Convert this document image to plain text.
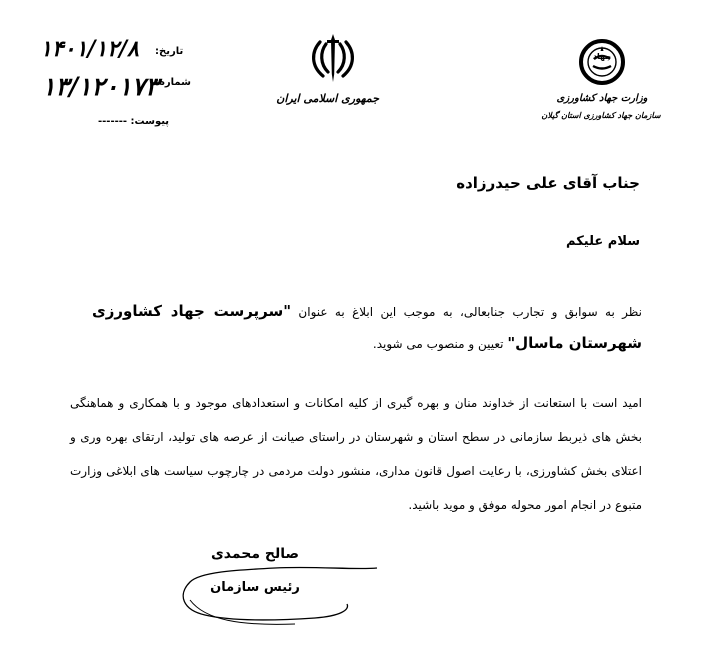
تاریخ:
۱۴۰۱/۱۲/۸
شماره:
۱۳/۱۲۰۱۷۳
پیوست: -------
جمهوری اسلامی ایران
جهاد
وزارت جهاد کشاورزی
سازمان جهاد کشاورزی استان گیلان
جناب آقای علی حیدرزاده
سلام علیکم
نظر به سوابق و تجارب جنابعالی، به موجب این ابلاغ به عنوان "سرپرست جهاد کشاورزی شهرستان ماسال" تعیین و منصوب می شوید.
امید است با استعانت از خداوند منان و بهره گیری از کلیه امکانات و استعدادهای موجود و با همکاری و هماهنگی بخش های ذیربط سازمانی در سطح استان و شهرستان در راستای صیانت از عرصه های تولید، ارتقای بهره وری و اعتلای بخش کشاورزی، با رعایت اصول قانون مداری، منشور دولت مردمی در چارچوب سیاست های ابلاغی وزارت متبوع در انجام امور محوله موفق و موید باشید.
صالح محمدی
رئیس سازمان
